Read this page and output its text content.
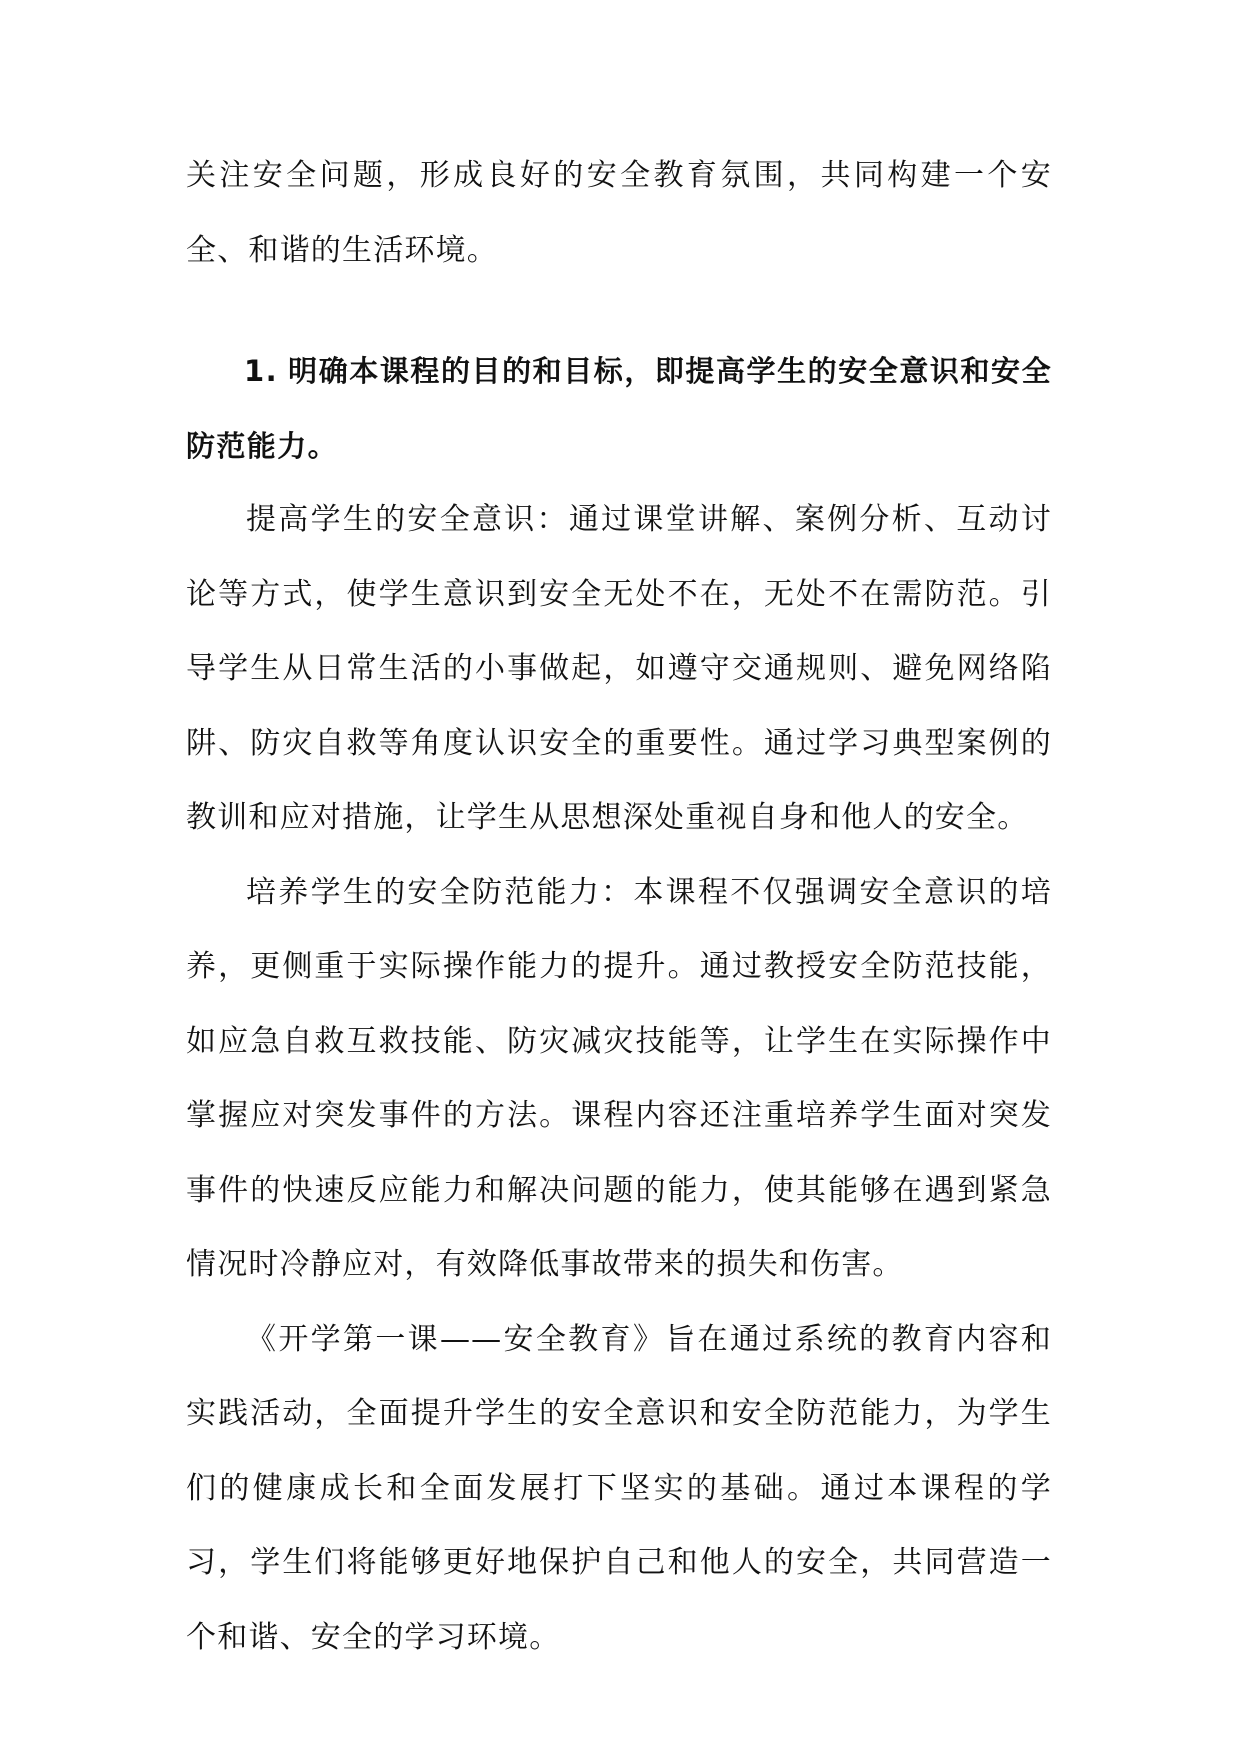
关注安全问题，形成良好的安全教育氛围，共同构建一个安全、和谐的生活环境。

1. 明确本课程的目的和目标，即提高学生的安全意识和安全防范能力。

提高学生的安全意识：通过课堂讲解、案例分析、互动讨论等方式，使学生意识到安全无处不在，无处不在需防范。引导学生从日常生活的小事做起，如遵守交通规则、避免网络陷阱、防灾自救等角度认识安全的重要性。通过学习典型案例的教训和应对措施，让学生从思想深处重视自身和他人的安全。

培养学生的安全防范能力：本课程不仅强调安全意识的培养，更侧重于实际操作能力的提升。通过教授安全防范技能，如应急自救互救技能、防灾减灾技能等，让学生在实际操作中掌握应对突发事件的方法。课程内容还注重培养学生面对突发事件的快速反应能力和解决问题的能力，使其能够在遇到紧急情况时冷静应对，有效降低事故带来的损失和伤害。

《开学第一课——安全教育》旨在通过系统的教育内容和实践活动，全面提升学生的安全意识和安全防范能力，为学生们的健康成长和全面发展打下坚实的基础。通过本课程的学习，学生们将能够更好地保护自己和他人的安全，共同营造一个和谐、安全的学习环境。
